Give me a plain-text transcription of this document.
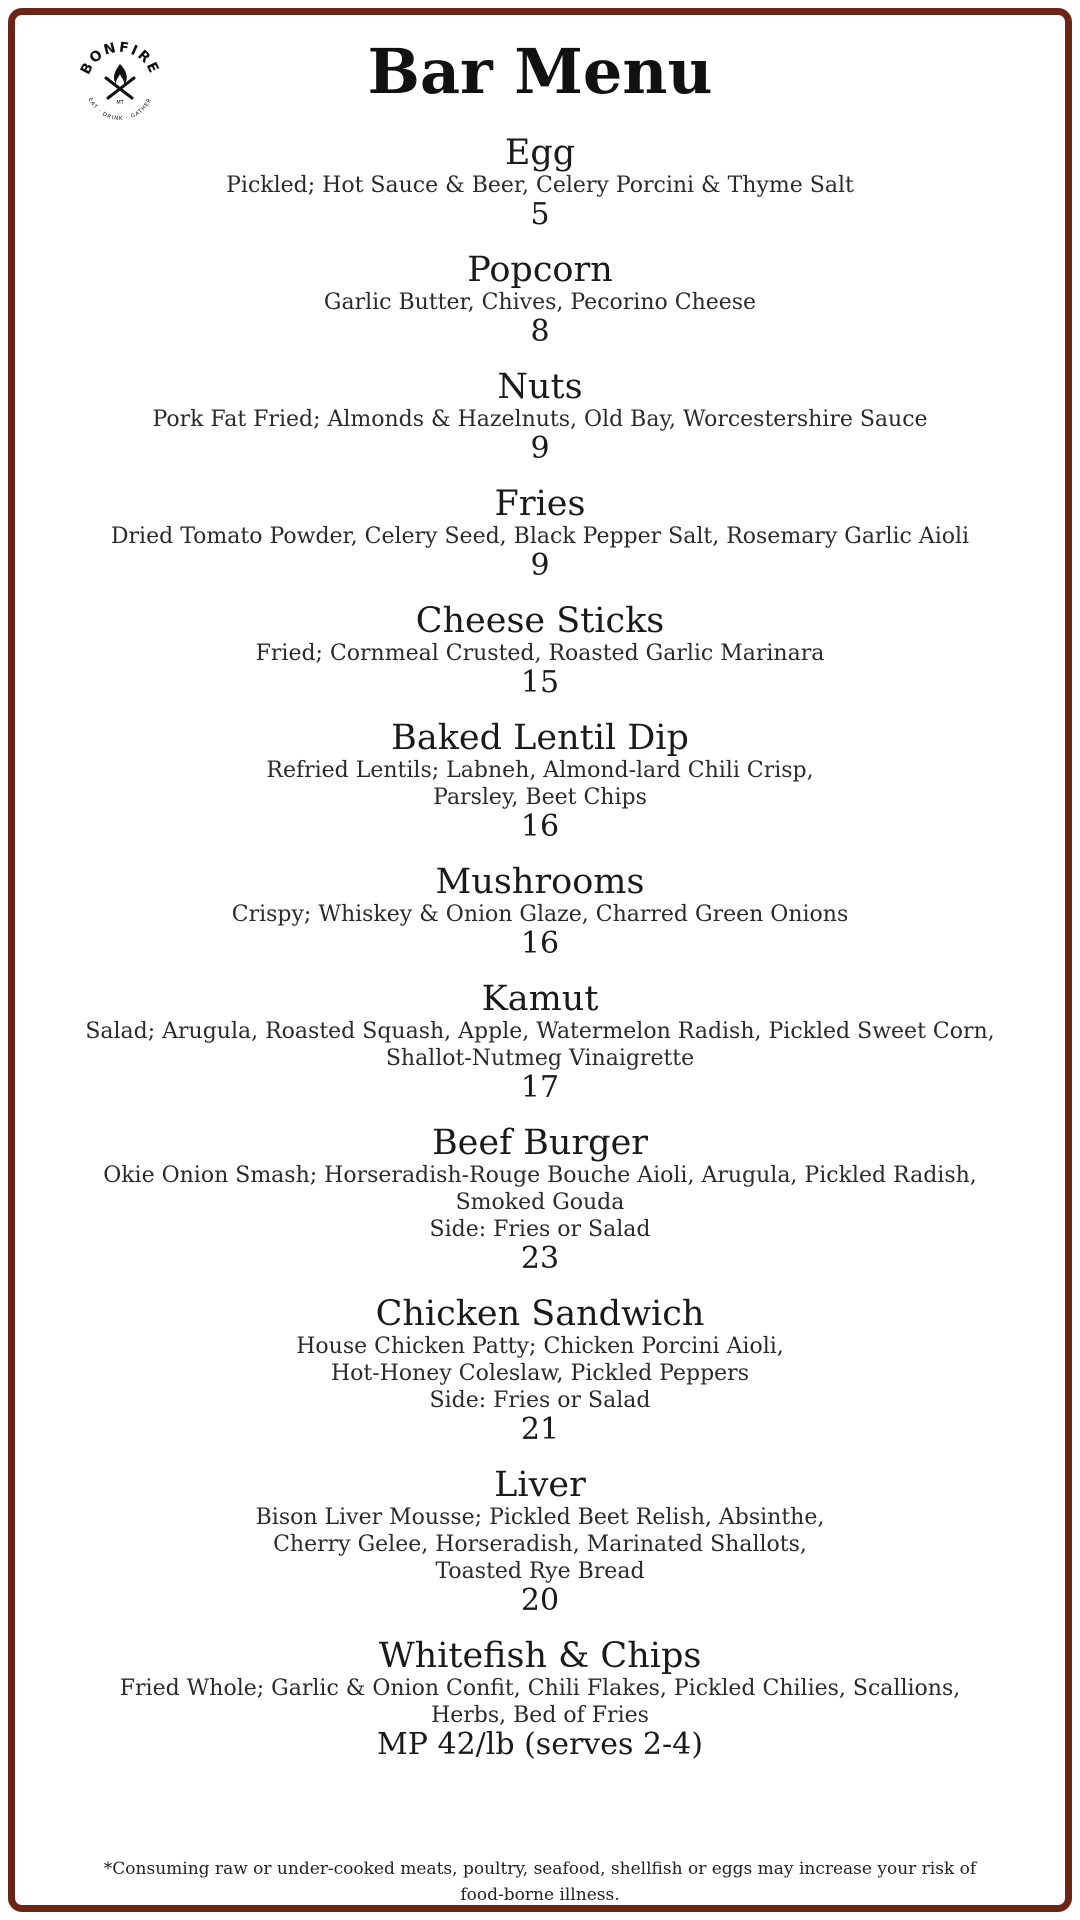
BONFIRE
EAT · DRINK · GATHER
MT	Bar Menu
Egg
Pickled; Hot Sauce & Beer, Celery Porcini & Thyme Salt
5
Popcorn
Garlic Butter, Chives, Pecorino Cheese
8
Nuts
Pork Fat Fried; Almonds & Hazelnuts, Old Bay, Worcestershire Sauce
9
Fries
Dried Tomato Powder, Celery Seed, Black Pepper Salt, Rosemary Garlic Aioli
9
Cheese Sticks
Fried; Cornmeal Crusted, Roasted Garlic Marinara
15
Baked Lentil Dip
Refried Lentils; Labneh, Almond-lard Chili Crisp,
Parsley, Beet Chips
16
Mushrooms
Crispy; Whiskey & Onion Glaze, Charred Green Onions
16
Kamut
Salad; Arugula, Roasted Squash, Apple, Watermelon Radish, Pickled Sweet Corn,
Shallot-Nutmeg Vinaigrette
17
Beef Burger
Okie Onion Smash; Horseradish-Rouge Bouche Aioli, Arugula, Pickled Radish,
Smoked Gouda
Side: Fries or Salad
23
Chicken Sandwich
House Chicken Patty; Chicken Porcini Aioli,
Hot-Honey Coleslaw, Pickled Peppers
Side: Fries or Salad
21
Liver
Bison Liver Mousse; Pickled Beet Relish, Absinthe,
Cherry Gelee, Horseradish, Marinated Shallots,
Toasted Rye Bread
20
Whitefish & Chips
Fried Whole; Garlic & Onion Confit, Chili Flakes, Pickled Chilies, Scallions,
Herbs, Bed of Fries
MP 42/lb (serves 2-4)
*Consuming raw or under-cooked meats, poultry, seafood, shellfish or eggs may increase your risk of food-borne illness.
